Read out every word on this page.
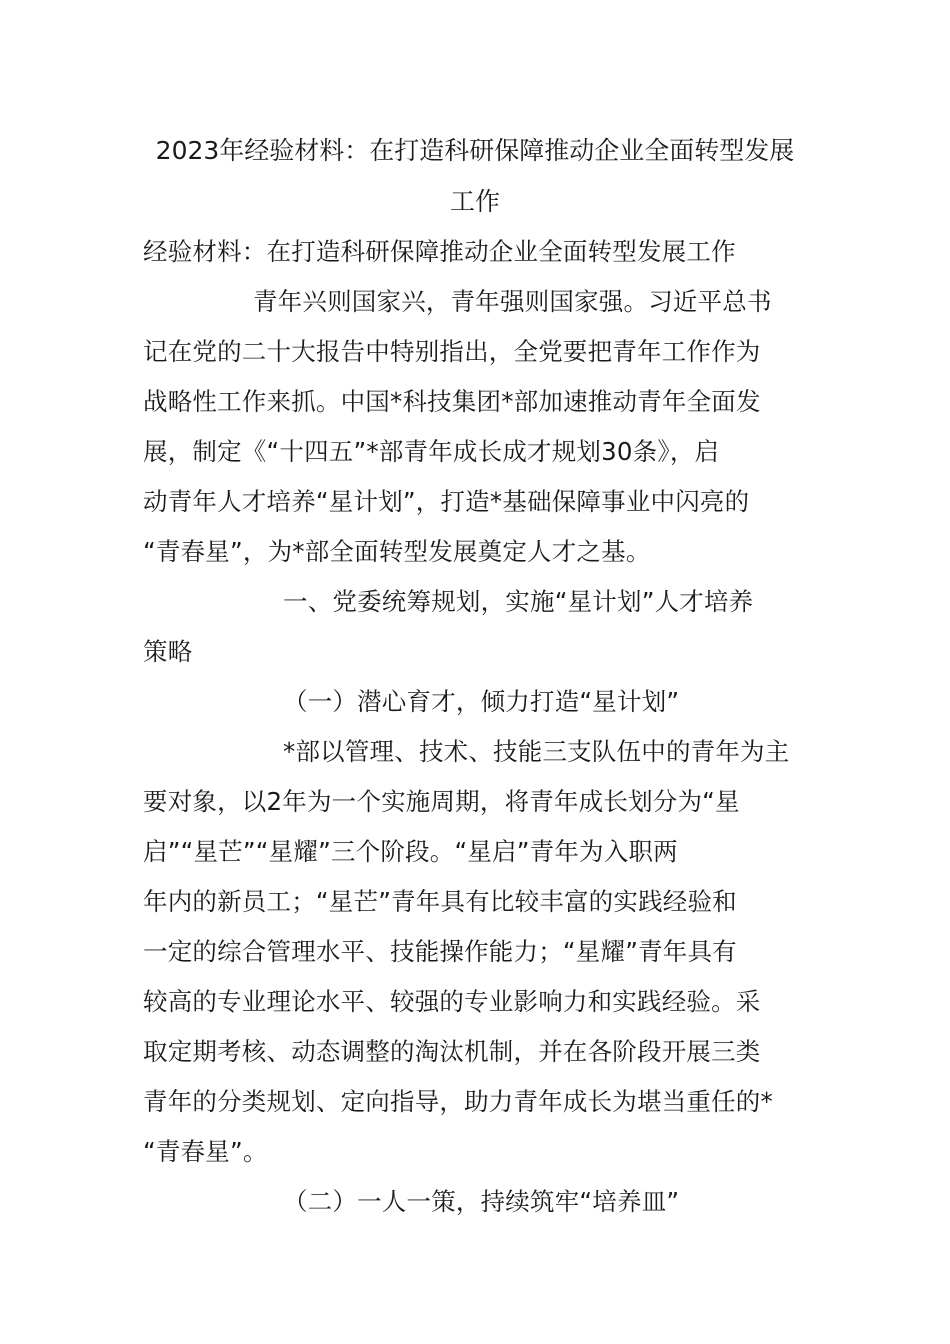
2023年经验材料：在打造科研保障推动企业全面转型发展
工作
经验材料：在打造科研保障推动企业全面转型发展工作
青年兴则国家兴，青年强则国家强。习近平总书
记在党的二十大报告中特别指出，全党要把青年工作作为
战略性工作来抓。中国*科技集团*部加速推动青年全面发
展，制定《“十四五”*部青年成长成才规划30条》，启
动青年人才培养“星计划”，打造*基础保障事业中闪亮的
“青春星”，为*部全面转型发展奠定人才之基。
一、党委统筹规划，实施“星计划”人才培养
策略
（一）潜心育才，倾力打造“星计划”
*部以管理、技术、技能三支队伍中的青年为主
要对象，以2年为一个实施周期，将青年成长划分为“星
启”“星芒”“星耀”三个阶段。“星启”青年为入职两
年内的新员工；“星芒”青年具有比较丰富的实践经验和
一定的综合管理水平、技能操作能力；“星耀”青年具有
较高的专业理论水平、较强的专业影响力和实践经验。采
取定期考核、动态调整的淘汰机制，并在各阶段开展三类
青年的分类规划、定向指导，助力青年成长为堪当重任的*
“青春星”。
（二）一人一策，持续筑牢“培养皿”
